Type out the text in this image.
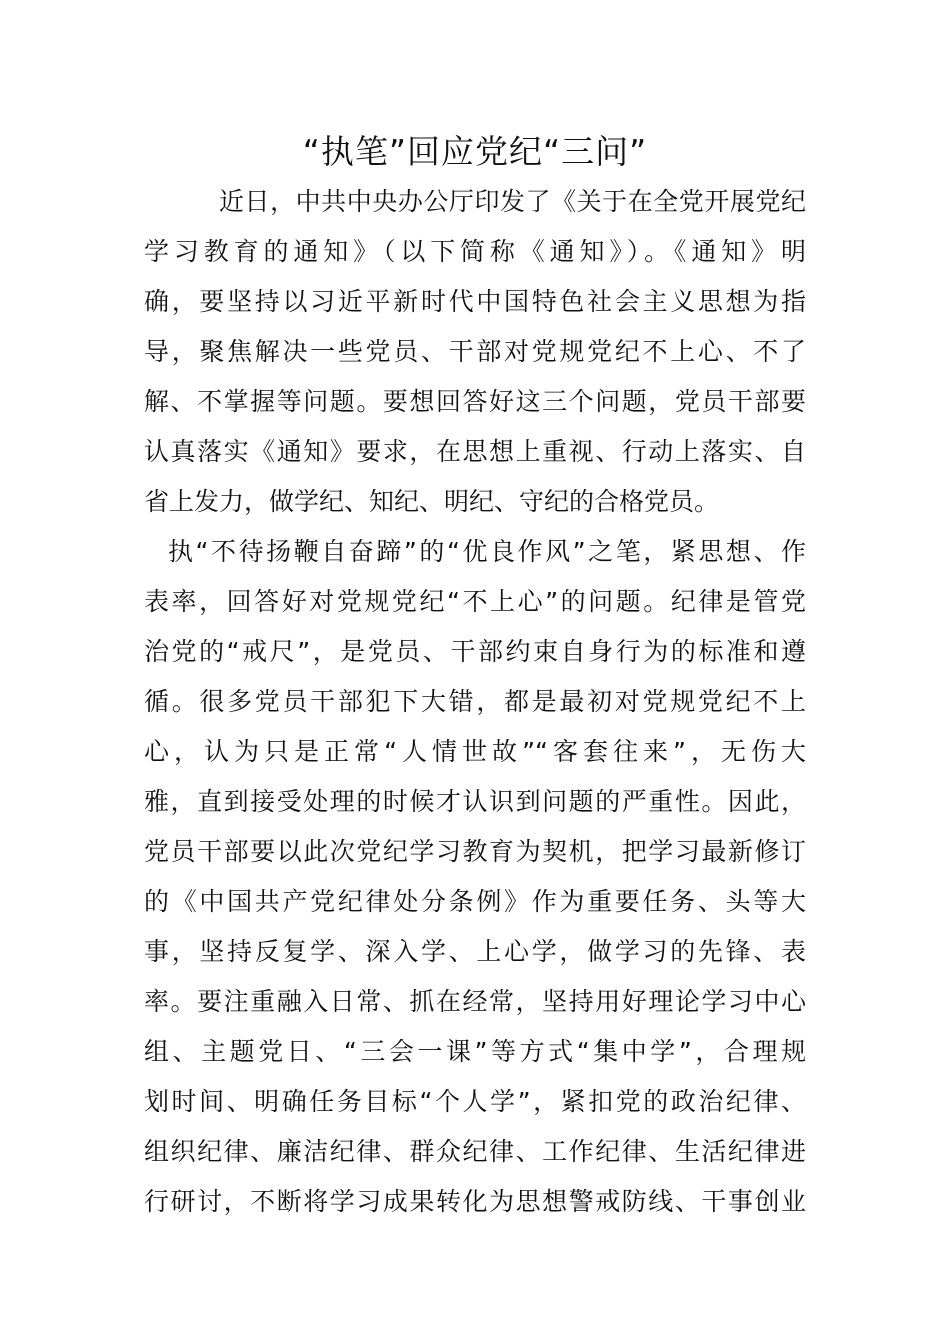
“执笔”回应党纪“三问”
近日，中共中央办公厅印发了《关于在全党开展党纪
学习教育的通知》（以下简称《通知》）。《通知》明
确，要坚持以习近平新时代中国特色社会主义思想为指
导，聚焦解决一些党员、干部对党规党纪不上心、不了
解、不掌握等问题。要想回答好这三个问题，党员干部要
认真落实《通知》要求，在思想上重视、行动上落实、自
省上发力，做学纪、知纪、明纪、守纪的合格党员。
执“不待扬鞭自奋蹄”的“优良作风”之笔，紧思想、作
表率，回答好对党规党纪“不上心”的问题。纪律是管党
治党的“戒尺”，是党员、干部约束自身行为的标准和遵
循。很多党员干部犯下大错，都是最初对党规党纪不上
心，认为只是正常“人情世故”“客套往来”，无伤大
雅，直到接受处理的时候才认识到问题的严重性。因此，
党员干部要以此次党纪学习教育为契机，把学习最新修订
的《中国共产党纪律处分条例》作为重要任务、头等大
事，坚持反复学、深入学、上心学，做学习的先锋、表
率。要注重融入日常、抓在经常，坚持用好理论学习中心
组、主题党日、“三会一课”等方式“集中学”，合理规
划时间、明确任务目标“个人学”，紧扣党的政治纪律、
组织纪律、廉洁纪律、群众纪律、工作纪律、生活纪律进
行研讨，不断将学习成果转化为思想警戒防线、干事创业
